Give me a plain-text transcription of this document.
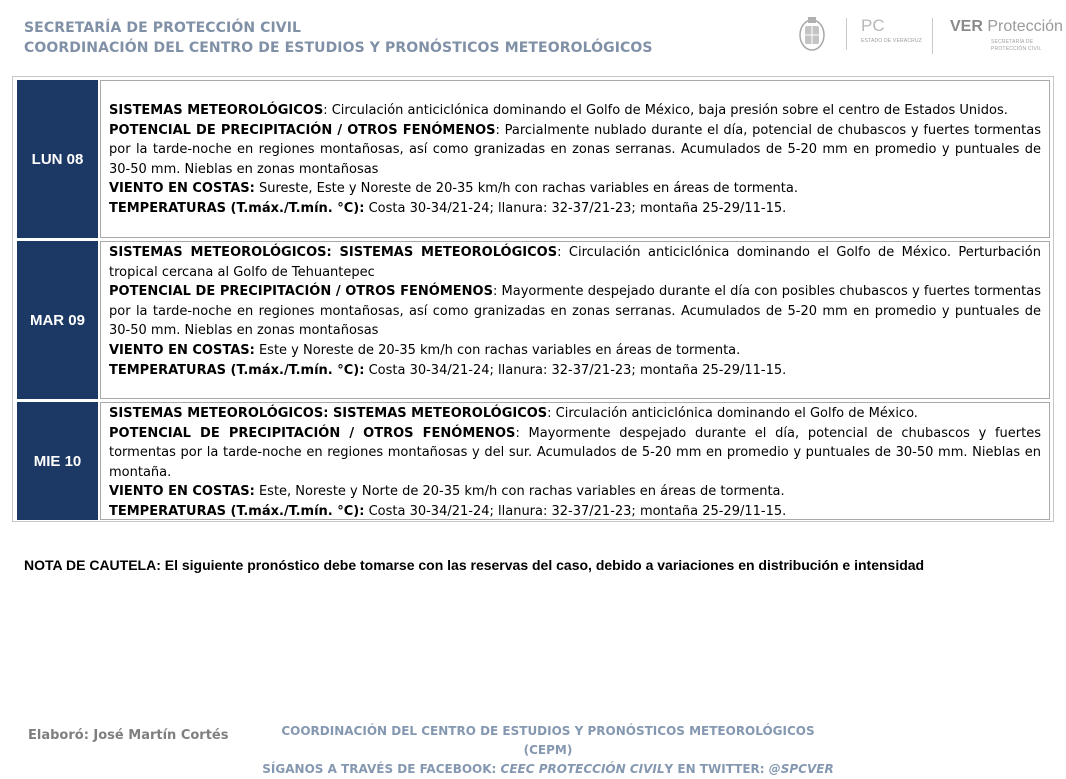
SECRETARÍA DE PROTECCIÓN CIVIL
COORDINACIÓN DEL CENTRO DE ESTUDIOS Y PRONÓSTICOS METEOROLÓGICOS
PC
ESTADO DE VERACRUZ
VER Protección
SECRETARÍA DE
PROTECCIÓN CIVIL
LUN 08

SISTEMAS METEOROLÓGICOS: Circulación anticiclónica dominando el Golfo de México, baja presión sobre el centro de Estados Unidos.

POTENCIAL DE PRECIPITACIÓN / OTROS FENÓMENOS: Parcialmente nublado durante el día, potencial de chubascos y fuertes tormentas por la tarde-noche en regiones montañosas, así como granizadas en zonas serranas. Acumulados de 5-20 mm en promedio y puntuales de 30-50 mm. Nieblas en zonas montañosas

VIENTO EN COSTAS: Sureste, Este y Noreste de 20-35 km/h con rachas variables en áreas de tormenta.

TEMPERATURAS (T.máx./T.mín. °C): Costa 30-34/21-24; llanura: 32-37/21-23; montaña 25-29/11-15.

MAR 09

SISTEMAS METEOROLÓGICOS: SISTEMAS METEOROLÓGICOS: Circulación anticiclónica dominando el Golfo de México. Perturbación tropical cercana al Golfo de Tehuantepec

POTENCIAL DE PRECIPITACIÓN / OTROS FENÓMENOS: Mayormente despejado durante el día con posibles chubascos y fuertes tormentas por la tarde-noche en regiones montañosas, así como granizadas en zonas serranas. Acumulados de 5-20 mm en promedio y puntuales de 30-50 mm. Nieblas en zonas montañosas

VIENTO EN COSTAS: Este y Noreste de 20-35 km/h con rachas variables en áreas de tormenta.

TEMPERATURAS (T.máx./T.mín. °C): Costa 30-34/21-24; llanura: 32-37/21-23; montaña 25-29/11-15.

MIE 10

SISTEMAS METEOROLÓGICOS: SISTEMAS METEOROLÓGICOS: Circulación anticiclónica dominando el Golfo de México.

POTENCIAL DE PRECIPITACIÓN / OTROS FENÓMENOS: Mayormente despejado durante el día, potencial de chubascos y fuertes tormentas por la tarde-noche en regiones montañosas y del sur. Acumulados de 5-20 mm en promedio y puntuales de 30-50 mm. Nieblas en montaña.

VIENTO EN COSTAS: Este, Noreste y Norte de 20-35 km/h con rachas variables en áreas de tormenta.

TEMPERATURAS (T.máx./T.mín. °C): Costa 30-34/21-24; llanura: 32-37/21-23; montaña 25-29/11-15.

NOTA DE CAUTELA: El siguiente pronóstico debe tomarse con las reservas del caso, debido a variaciones en distribución e intensidad
Elaboró: José Martín Cortés	COORDINACIÓN DEL CENTRO DE ESTUDIOS Y PRONÓSTICOS METEOROLÓGICOS (CEPM)
SÍGANOS A TRAVÉS DE FACEBOOK: CEEC PROTECCIÓN CIVILY EN TWITTER: @SPCVER
